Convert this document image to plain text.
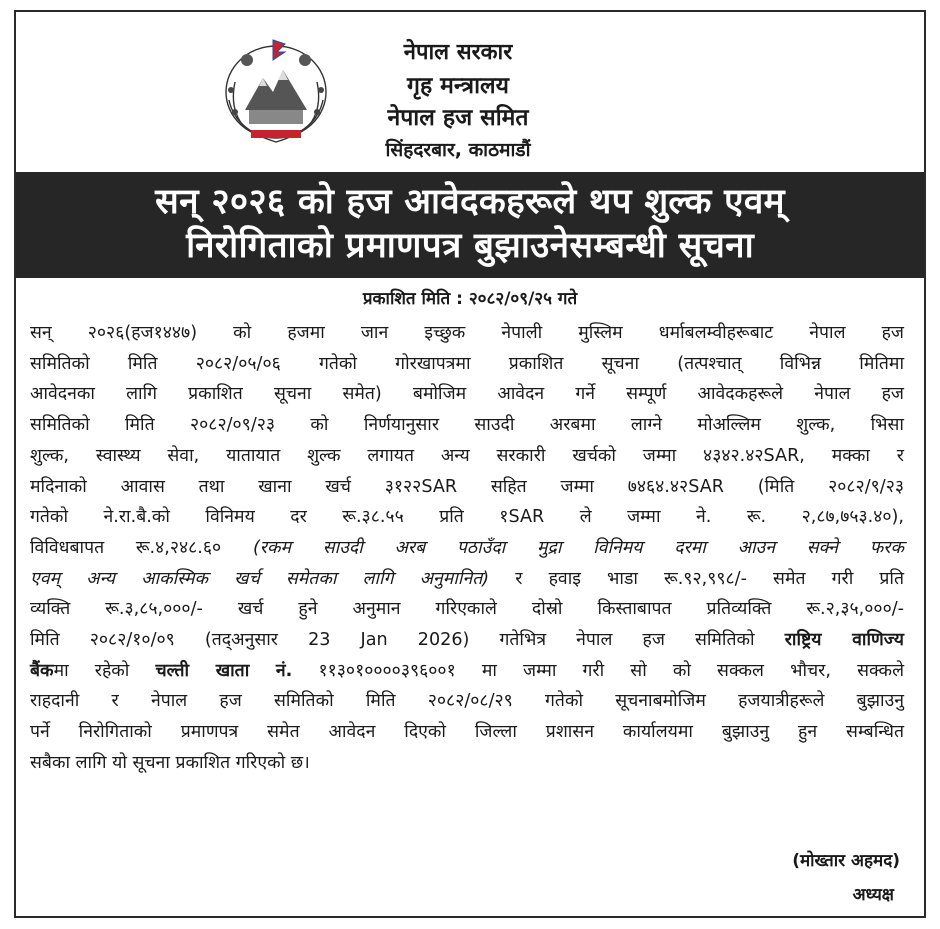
नेपाल सरकार
गृह मन्त्रालय
नेपाल हज समित
सिंहदरबार, काठमाडौं
सन् २०२६ को हज आवेदकहरूले थप शुल्क एवम्
निरोगिताको प्रमाणपत्र बुझाउनेसम्बन्धी सूचना
प्रकाशित मिति : २०८२/०९/२५ गते
सन् २०२६(हज१४४७) को हजमा जान इच्छुक नेपाली मुस्लिम धर्माबलम्वीहरूबाट नेपाल हज
समितिको मिति २०८२/०५/०६ गतेको गोरखापत्रमा प्रकाशित सूचना (तत्पश्चात् विभिन्न मितिमा
आवेदनका लागि प्रकाशित सूचना समेत) बमोजिम आवेदन गर्ने सम्पूर्ण आवेदकहरूले नेपाल हज
समितिको मिति २०८२/०९/२३ को निर्णयानुसार साउदी अरबमा लाग्ने मोअल्लिम शुल्क, भिसा
शुल्क, स्वास्थ्य सेवा, यातायात शुल्क लगायत अन्य सरकारी खर्चको जम्मा ४३४२.४२SAR, मक्का र
मदिनाको आवास तथा खाना खर्च ३१२२SAR सहित जम्मा ७४६४.४२SAR (मिति २०८२/९/२३
गतेको ने.रा.बै.को विनिमय दर रू.३८.५५ प्रति १SAR ले जम्मा ने. रू. २,८७,७५३.४०),
विविधबापत रू.४,२४८.६० (रकम साउदी अरब पठाउँदा मुद्रा विनिमय दरमा आउन सक्ने फरक
एवम् अन्य आकस्मिक खर्च समेतका लागि अनुमानित) र हवाइ भाडा रू.९२,९९८/- समेत गरी प्रति
व्यक्ति रू.३,८५,०००/- खर्च हुने अनुमान गरिएकाले दोस्रो किस्ताबापत प्रतिव्यक्ति रू.२,३५,०००/-
मिति २०८२/१०/०९ (तद्अनुसार 23 Jan 2026) गतेभित्र नेपाल हज समितिको राष्ट्रिय वाणिज्य
बैंकमा रहेको चल्ती खाता नं. ११३०१००००३९६००१ मा जम्मा गरी सो को सक्कल भौचर, सक्कले
राहदानी र नेपाल हज समितिको मिति २०८२/०८/२९ गतेको सूचनाबमोजिम हजयात्रीहरूले बुझाउनु
पर्ने निरोगिताको प्रमाणपत्र समेत आवेदन दिएको जिल्ला प्रशासन कार्यालयमा बुझाउनु हुन सम्बन्धित
सबैका लागि यो सूचना प्रकाशित गरिएको छ।
(मोख्तार अहमद)
अध्यक्ष
